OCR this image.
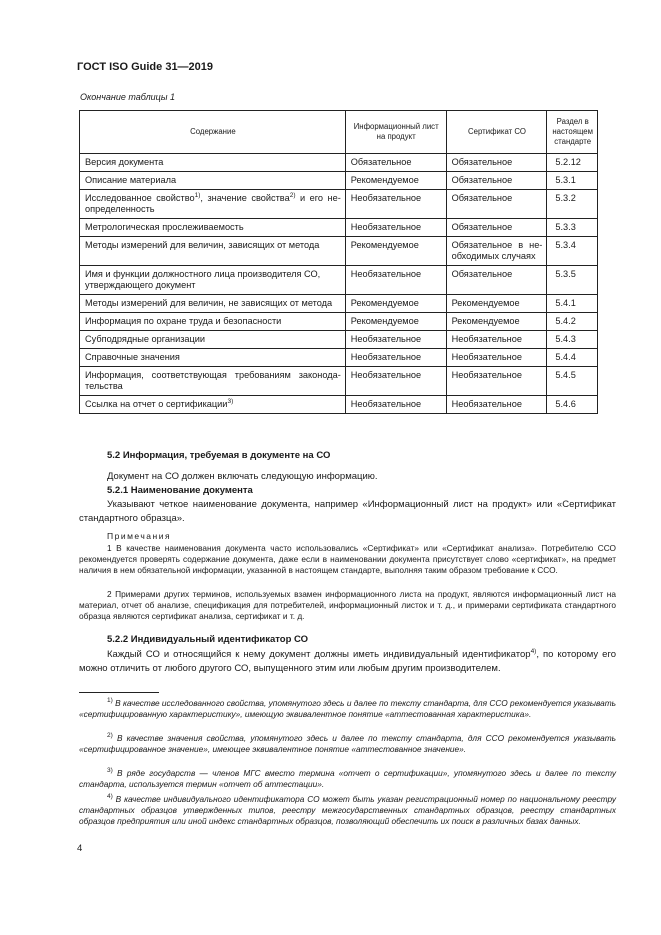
ГОСТ ISO Guide 31—2019
Окончание таблицы 1
Содержание	Информационный лист на продукт	Сертификат СО	Раздел в настоящем стандарте
Версия документа	Обязательное	Обязательное	5.2.12
Описание материала	Рекомендуемое	Обязательное	5.3.1
Исследованное свойство$^{1)}$, значение свойства$^{2)}$ и его не-определенность	Необязательное	Обязательное	5.3.2
Метрологическая прослеживаемость	Необязательное	Обязательное	5.3.3
Методы измерений для величин, зависящих от метода	Рекомендуемое	Обязательное в не-обходимых случаях	5.3.4
Имя и функции должностного лица производителя СО, утверждающего документ	Необязательное	Обязательное	5.3.5
Методы измерений для величин, не зависящих от метода	Рекомендуемое	Рекомендуемое	5.4.1
Информация по охране труда и безопасности	Рекомендуемое	Рекомендуемое	5.4.2
Субподрядные организации	Необязательное	Необязательное	5.4.3
Справочные значения	Необязательное	Необязательное	5.4.4
Информация, соответствующая требованиям законода-тельства	Необязательное	Необязательное	5.4.5
Ссылка на отчет о сертификации$^{3)}$	Необязательное	Необязательное	5.4.6
5.2 Информация, требуемая в документе на СО
Документ на СО должен включать следующую информацию.
5.2.1 Наименование документа
Указывают четкое наименование документа, например «Информационный лист на продукт» или «Сертификат стандартного образца».
Примечания
1 В качестве наименования документа часто использовались «Сертификат» или «Сертификат анализа». Потребителю ССО рекомендуется проверять содержание документа, даже если в наименовании документа присутствует слово «сертификат», на предмет наличия в нем обязательной информации, указанной в настоящем стандарте, выполняя таким образом требование к ССО.
2 Примерами других терминов, используемых взамен информационного листа на продукт, являются информационный лист на материал, отчет об анализе, спецификация для потребителей, информационный листок и т. д., и примерами сертификата стандартного образца являются сертификат анализа, сертификат и т. д.
5.2.2 Индивидуальный идентификатор СО
Каждый СО и относящийся к нему документ должны иметь индивидуальный идентификатор$^{4)}$, по которому его можно отличить от любого другого СО, выпущенного этим или любым другим производителем.
$^{1)}$ В качестве исследованного свойства, упомянутого здесь и далее по тексту стандарта, для ССО рекомендуется указывать «сертифицированную характеристику», имеющую эквивалентное понятие «аттестованная характеристика».
$^{2)}$ В качестве значения свойства, упомянутого здесь и далее по тексту стандарта, для ССО рекомендуется указывать «сертифицированное значение», имеющее эквивалентное понятие «аттестованное значение».
$^{3)}$ В ряде государств — членов МГС вместо термина «отчет о сертификации», упомянутого здесь и далее по тексту стандарта, используется термин «отчет об аттестации».
$^{4)}$ В качестве индивидуального идентификатора СО может быть указан регистрационный номер по национальному реестру стандартных образцов утвержденных типов, реестру межгосударственных стандартных образцов, реестру стандартных образцов предприятия или иной индекс стандартных образцов, позволяющий обеспечить их поиск в различных базах данных.
4
